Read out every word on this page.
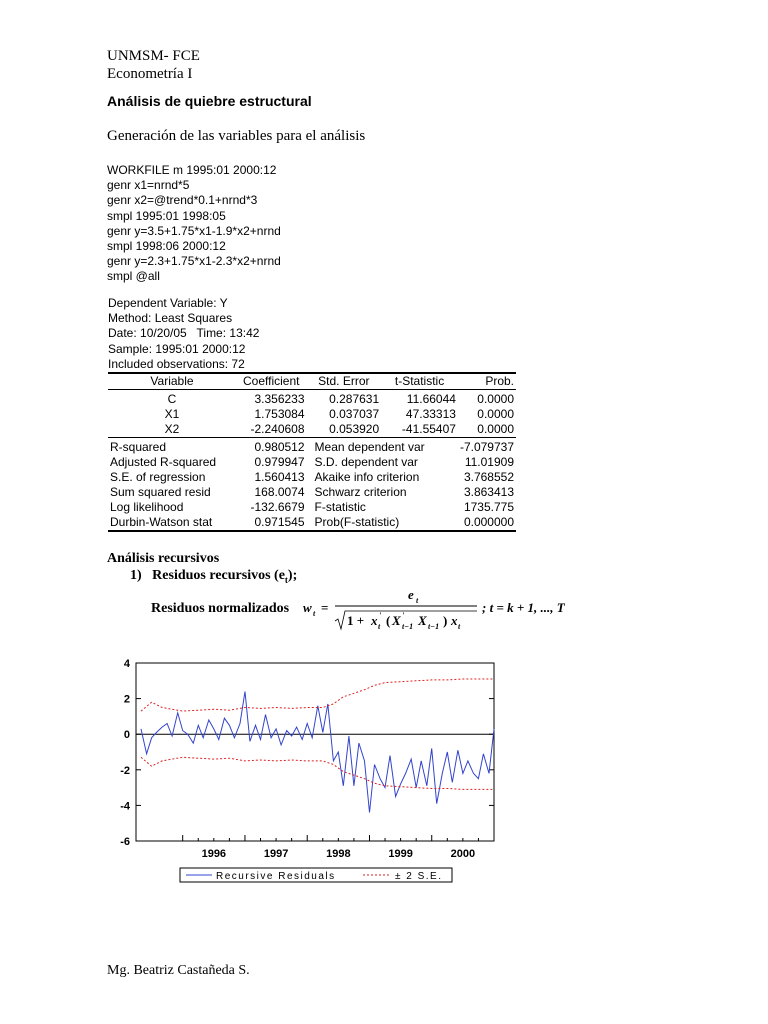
UNMSM- FCE
Econometría I
Análisis de quiebre estructural
Generación de las variables para el análisis
WORKFILE m 1995:01 2000:12
genr x1=nrnd*5
genr x2=@trend*0.1+nrnd*3
smpl 1995:01 1998:05
genr y=3.5+1.75*x1-1.9*x2+nrnd
smpl 1998:06 2000:12
genr y=2.3+1.75*x1-2.3*x2+nrnd
smpl @all
Dependent Variable: Y
Method: Least Squares
Date: 10/20/05   Time: 13:42
Sample: 1995:01 2000:12
Included observations: 72
Variable	Coefficient	Std. Error	t-Statistic	Prob.

C	3.356233	0.287631	11.66044	0.0000
X1	1.753084	0.037037	47.33313	0.0000
X2	-2.240608	0.053920	-41.55407	0.0000

R-squared	0.980512	Mean dependent var		-7.079737
Adjusted R-squared	0.979947	S.D. dependent var		11.01909
S.E. of regression	1.560413	Akaike info criterion		3.768552
Sum squared resid	168.0074	Schwarz criterion		3.863413
Log likelihood	-132.6679	F-statistic		1735.775
Durbin-Watson stat	0.971545	Prob(F-statistic)		0.000000
Análisis recursivos
1) Residuos recursivos $(e_t)$;
Residuos normalizados w t =
e t
1 + x t
' ( X t−1
' X t−1 ) x t
; t = k + 1, ..., T
4
2
0
-2
-4
-6
1996	1997	1998	1999	2000
Recursive Residuals	± 2 S.E.
Mg. Beatriz Castañeda S.
